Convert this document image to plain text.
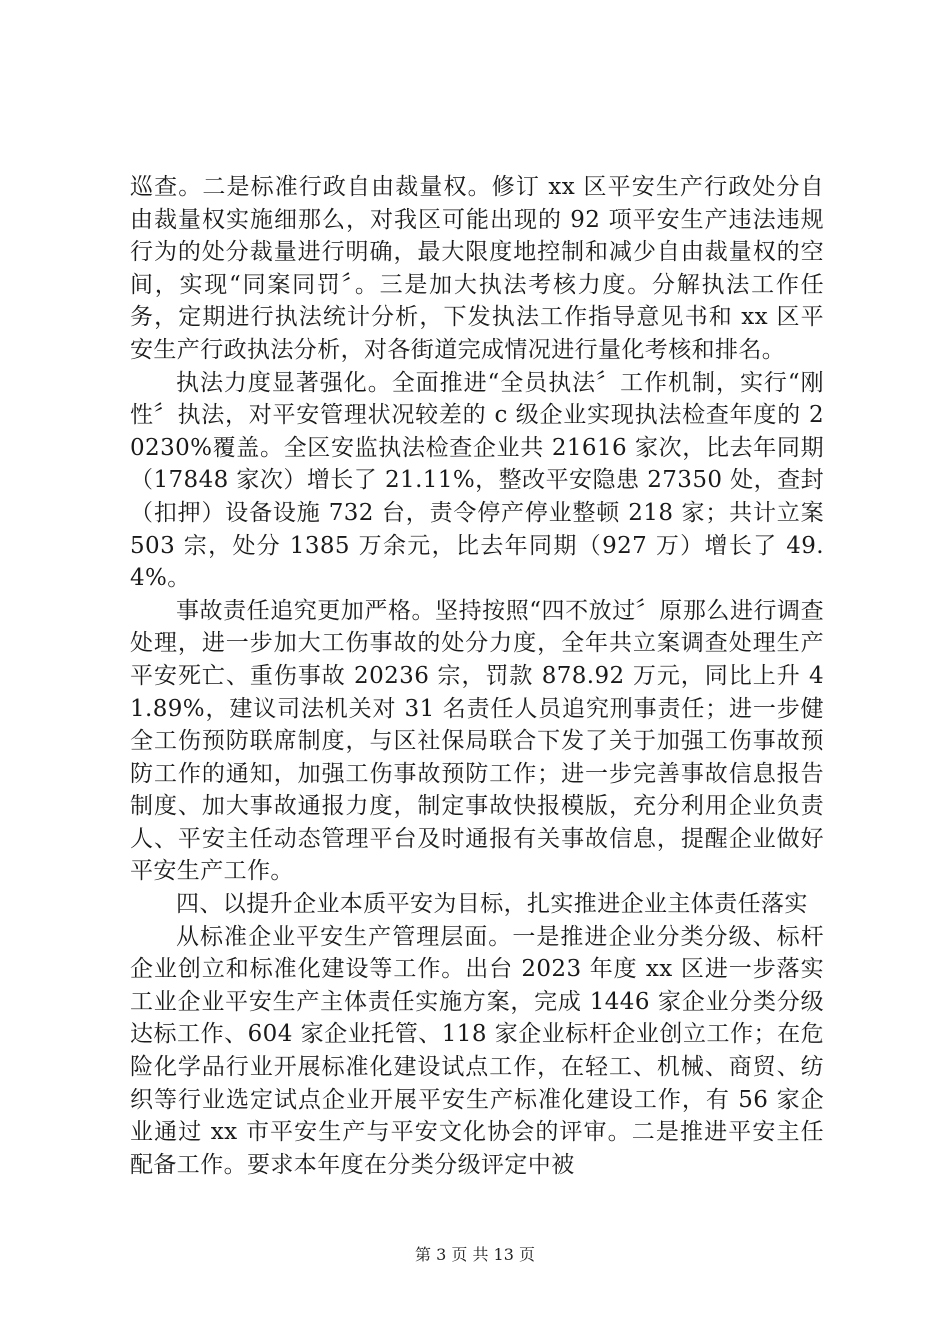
巡查。二是标准行政自由裁量权。修订 xx 区平安生产行政处分自由裁量权实施细那么，对我区可能出现的 92 项平安生产违法违规行为的处分裁量进行明确，最大限度地控制和减少自由裁量权的空间，实现“同案同罚〞。三是加大执法考核力度。分解执法工作任务，定期进行执法统计分析，下发执法工作指导意见书和 xx 区平安生产行政执法分析，对各街道完成情况进行量化考核和排名。

执法力度显著强化。全面推进“全员执法〞工作机制，实行“刚性〞执法，对平安管理状况较差的 c 级企业实现执法检查年度的 20230%覆盖。全区安监执法检查企业共 21616 家次，比去年同期（17848 家次）增长了 21.11%，整改平安隐患 27350 处，查封（扣押）设备设施 732 台，责令停产停业整顿 218 家；共计立案 503 宗，处分 1385 万余元，比去年同期（927 万）增长了 49.4%。

事故责任追究更加严格。坚持按照“四不放过〞原那么进行调查处理，进一步加大工伤事故的处分力度，全年共立案调查处理生产平安死亡、重伤事故 20236 宗，罚款 878.92 万元，同比上升 41.89%，建议司法机关对 31 名责任人员追究刑事责任；进一步健全工伤预防联席制度，与区社保局联合下发了关于加强工伤事故预防工作的通知，加强工伤事故预防工作；进一步完善事故信息报告制度、加大事故通报力度，制定事故快报模版，充分利用企业负责人、平安主任动态管理平台及时通报有关事故信息，提醒企业做好平安生产工作。

四、以提升企业本质平安为目标，扎实推进企业主体责任落实

从标准企业平安生产管理层面。一是推进企业分类分级、标杆企业创立和标准化建设等工作。出台 2023 年度 xx 区进一步落实工业企业平安生产主体责任实施方案，完成 1446 家企业分类分级达标工作、604 家企业托管、118 家企业标杆企业创立工作；在危险化学品行业开展标准化建设试点工作，在轻工、机械、商贸、纺织等行业选定试点企业开展平安生产标准化建设工作，有 56 家企业通过 xx 市平安生产与平安文化协会的评审。二是推进平安主任配备工作。要求本年度在分类分级评定中被

第 3 页 共 13 页
